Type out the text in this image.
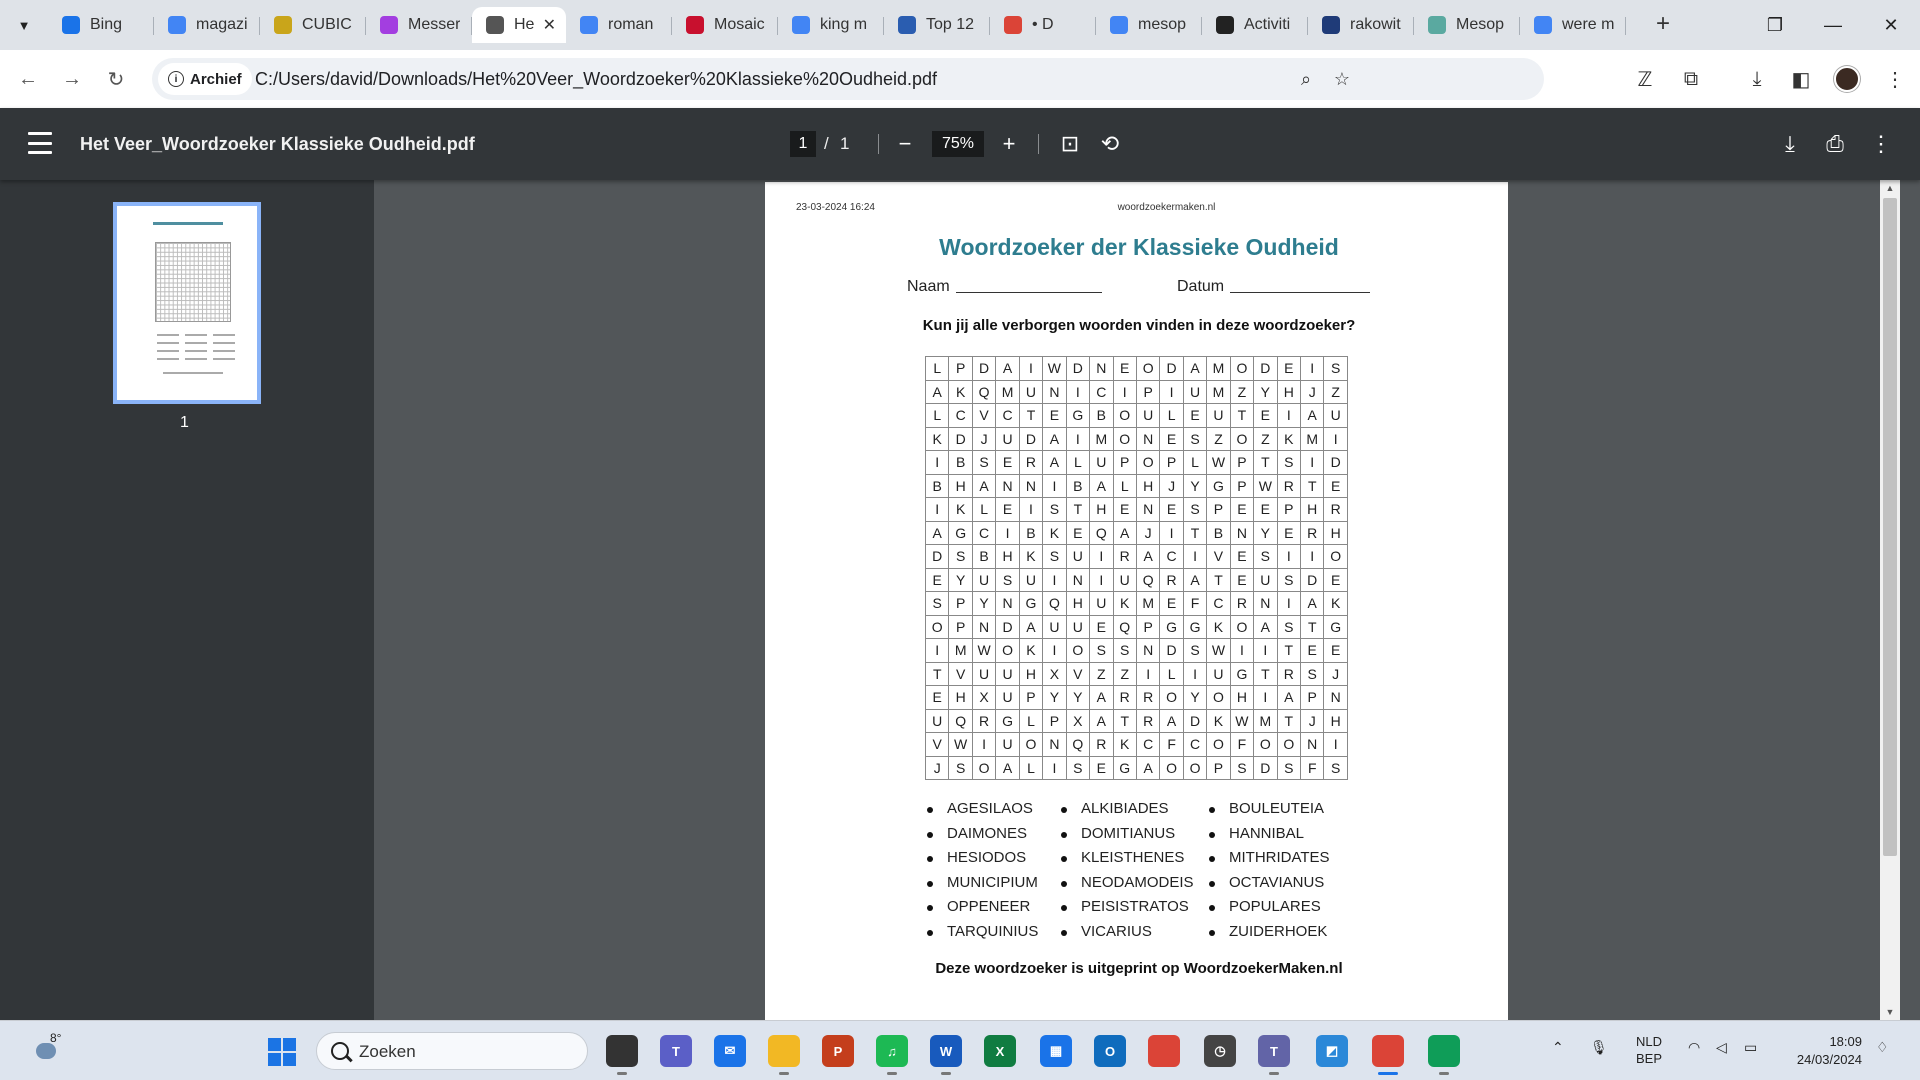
▼	Bing	magazi	CUBIC	Messer	He ✕	roman	Mosaic	king m	Top 12	• D	mesop	Activiti	rakowit	Mesop	were m	+	—	✕
❐
← → ↻	i Archief C:/Users/david/Downloads/Het%20Veer_Woordzoeker%20Klassieke%20Oudheid.pdf	⌕	☆	ℤ	⧉	⤓	◧	⋮
Het Veer_Woordzoeker Klassieke Oudheid.pdf	1 / 1 −	75%	+ ⊡ ⟲	⤓ ⎙ ⋮
1
23-03-2024 16:24	woordzoekermaken.nl
Woordzoeker der Klassieke Oudheid
Naam	Datum
Kun jij alle verborgen woorden vinden in deze woordzoeker?
L	P	D	A	I	W	D	N	E	O	D	A	M	O	D	E	I	S
A	K	Q	M	U	N	I	C	I	P	I	U	M	Z	Y	H	J	Z
L	C	V	C	T	E	G	B	O	U	L	E	U	T	E	I	A	U
K	D	J	U	D	A	I	M	O	N	E	S	Z	O	Z	K	M	I
I	B	S	E	R	A	L	U	P	O	P	L	W	P	T	S	I	D
B	H	A	N	N	I	B	A	L	H	J	Y	G	P	W	R	T	E
I	K	L	E	I	S	T	H	E	N	E	S	P	E	E	P	H	R
A	G	C	I	B	K	E	Q	A	J	I	T	B	N	Y	E	R	H
D	S	B	H	K	S	U	I	R	A	C	I	V	E	S	I	I	O
E	Y	U	S	U	I	N	I	U	Q	R	A	T	E	U	S	D	E
S	P	Y	N	G	Q	H	U	K	M	E	F	C	R	N	I	A	K
O	P	N	D	A	U	U	E	Q	P	G	G	K	O	A	S	T	G
I	M	W	O	K	I	O	S	S	N	D	S	W	I	I	T	E	E
T	V	U	U	H	X	V	Z	Z	I	L	I	U	G	T	R	S	J
E	H	X	U	P	Y	Y	A	R	R	O	Y	O	H	I	A	P	N
U	Q	R	G	L	P	X	A	T	R	A	D	K	W	M	T	J	H
V	W	I	U	O	N	Q	R	K	C	F	C	O	F	O	O	N	I
J	S	O	A	L	I	S	E	G	A	O	O	P	S	D	S	F	S
AGESILAOS
DAIMONES
HESIODOS
MUNICIPIUM
OPPENEER
TARQUINIUS
ALKIBIADES
DOMITIANUS
KLEISTHENES
NEODAMODEIS
PEISISTRATOS
VICARIUS
BOULEUTEIA
HANNIBAL
MITHRIDATES
OCTAVIANUS
POPULARES
ZUIDERHOEK
Deze woordzoeker is uitgeprint op WoordzoekerMaken.nl
▲
▼
8°
Zoeken	T	✉	P	♫	W	X	▦	O	◷	T	◩	⌃ 🎙 NLD
BEP
◠ ◁ ▭	18:09
24/03/2024
♢
